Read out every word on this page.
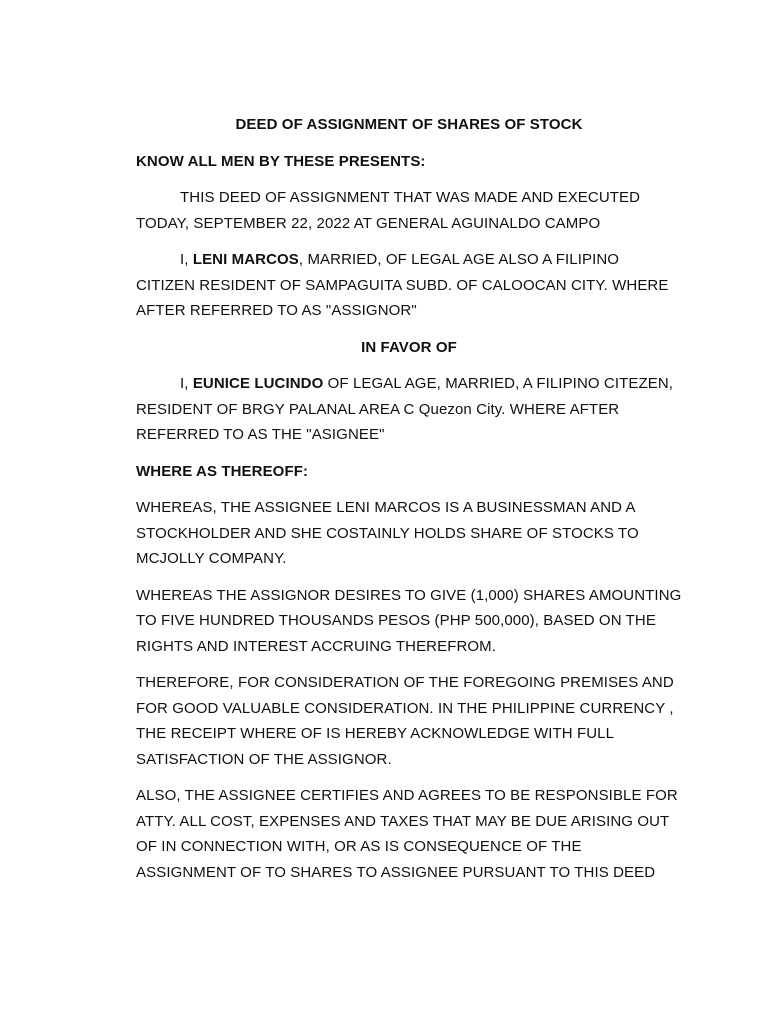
DEED OF ASSIGNMENT OF SHARES OF STOCK

KNOW ALL MEN BY THESE PRESENTS:

THIS DEED OF ASSIGNMENT THAT WAS MADE AND EXECUTED TODAY, SEPTEMBER 22, 2022 AT GENERAL AGUINALDO CAMPO

I, LENI MARCOS, MARRIED, OF LEGAL AGE ALSO A FILIPINO CITIZEN RESIDENT OF SAMPAGUITA SUBD. OF CALOOCAN CITY. WHERE AFTER REFERRED TO AS "ASSIGNOR"

IN FAVOR OF

I, EUNICE LUCINDO OF LEGAL AGE, MARRIED, A FILIPINO CITEZEN, RESIDENT OF BRGY PALANAL AREA C Quezon City. WHERE AFTER REFERRED TO AS THE "ASIGNEE"

WHERE AS THEREOFF:

WHEREAS, THE ASSIGNEE LENI MARCOS IS A BUSINESSMAN AND A STOCKHOLDER AND SHE COSTAINLY HOLDS SHARE OF STOCKS TO MCJOLLY COMPANY.

WHEREAS THE ASSIGNOR DESIRES TO GIVE (1,000) SHARES AMOUNTING TO FIVE HUNDRED THOUSANDS PESOS (PHP 500,000), BASED ON THE RIGHTS AND INTEREST ACCRUING THEREFROM.

THEREFORE, FOR CONSIDERATION OF THE FOREGOING PREMISES AND FOR GOOD VALUABLE CONSIDERATION. IN THE PHILIPPINE CURRENCY , THE RECEIPT WHERE OF IS HEREBY ACKNOWLEDGE WITH FULL SATISFACTION OF THE ASSIGNOR.

ALSO, THE ASSIGNEE CERTIFIES AND AGREES TO BE RESPONSIBLE FOR ATTY. ALL COST, EXPENSES AND TAXES THAT MAY BE DUE ARISING OUT OF IN CONNECTION WITH, OR AS IS CONSEQUENCE OF THE ASSIGNMENT OF TO SHARES TO ASSIGNEE PURSUANT TO THIS DEED
